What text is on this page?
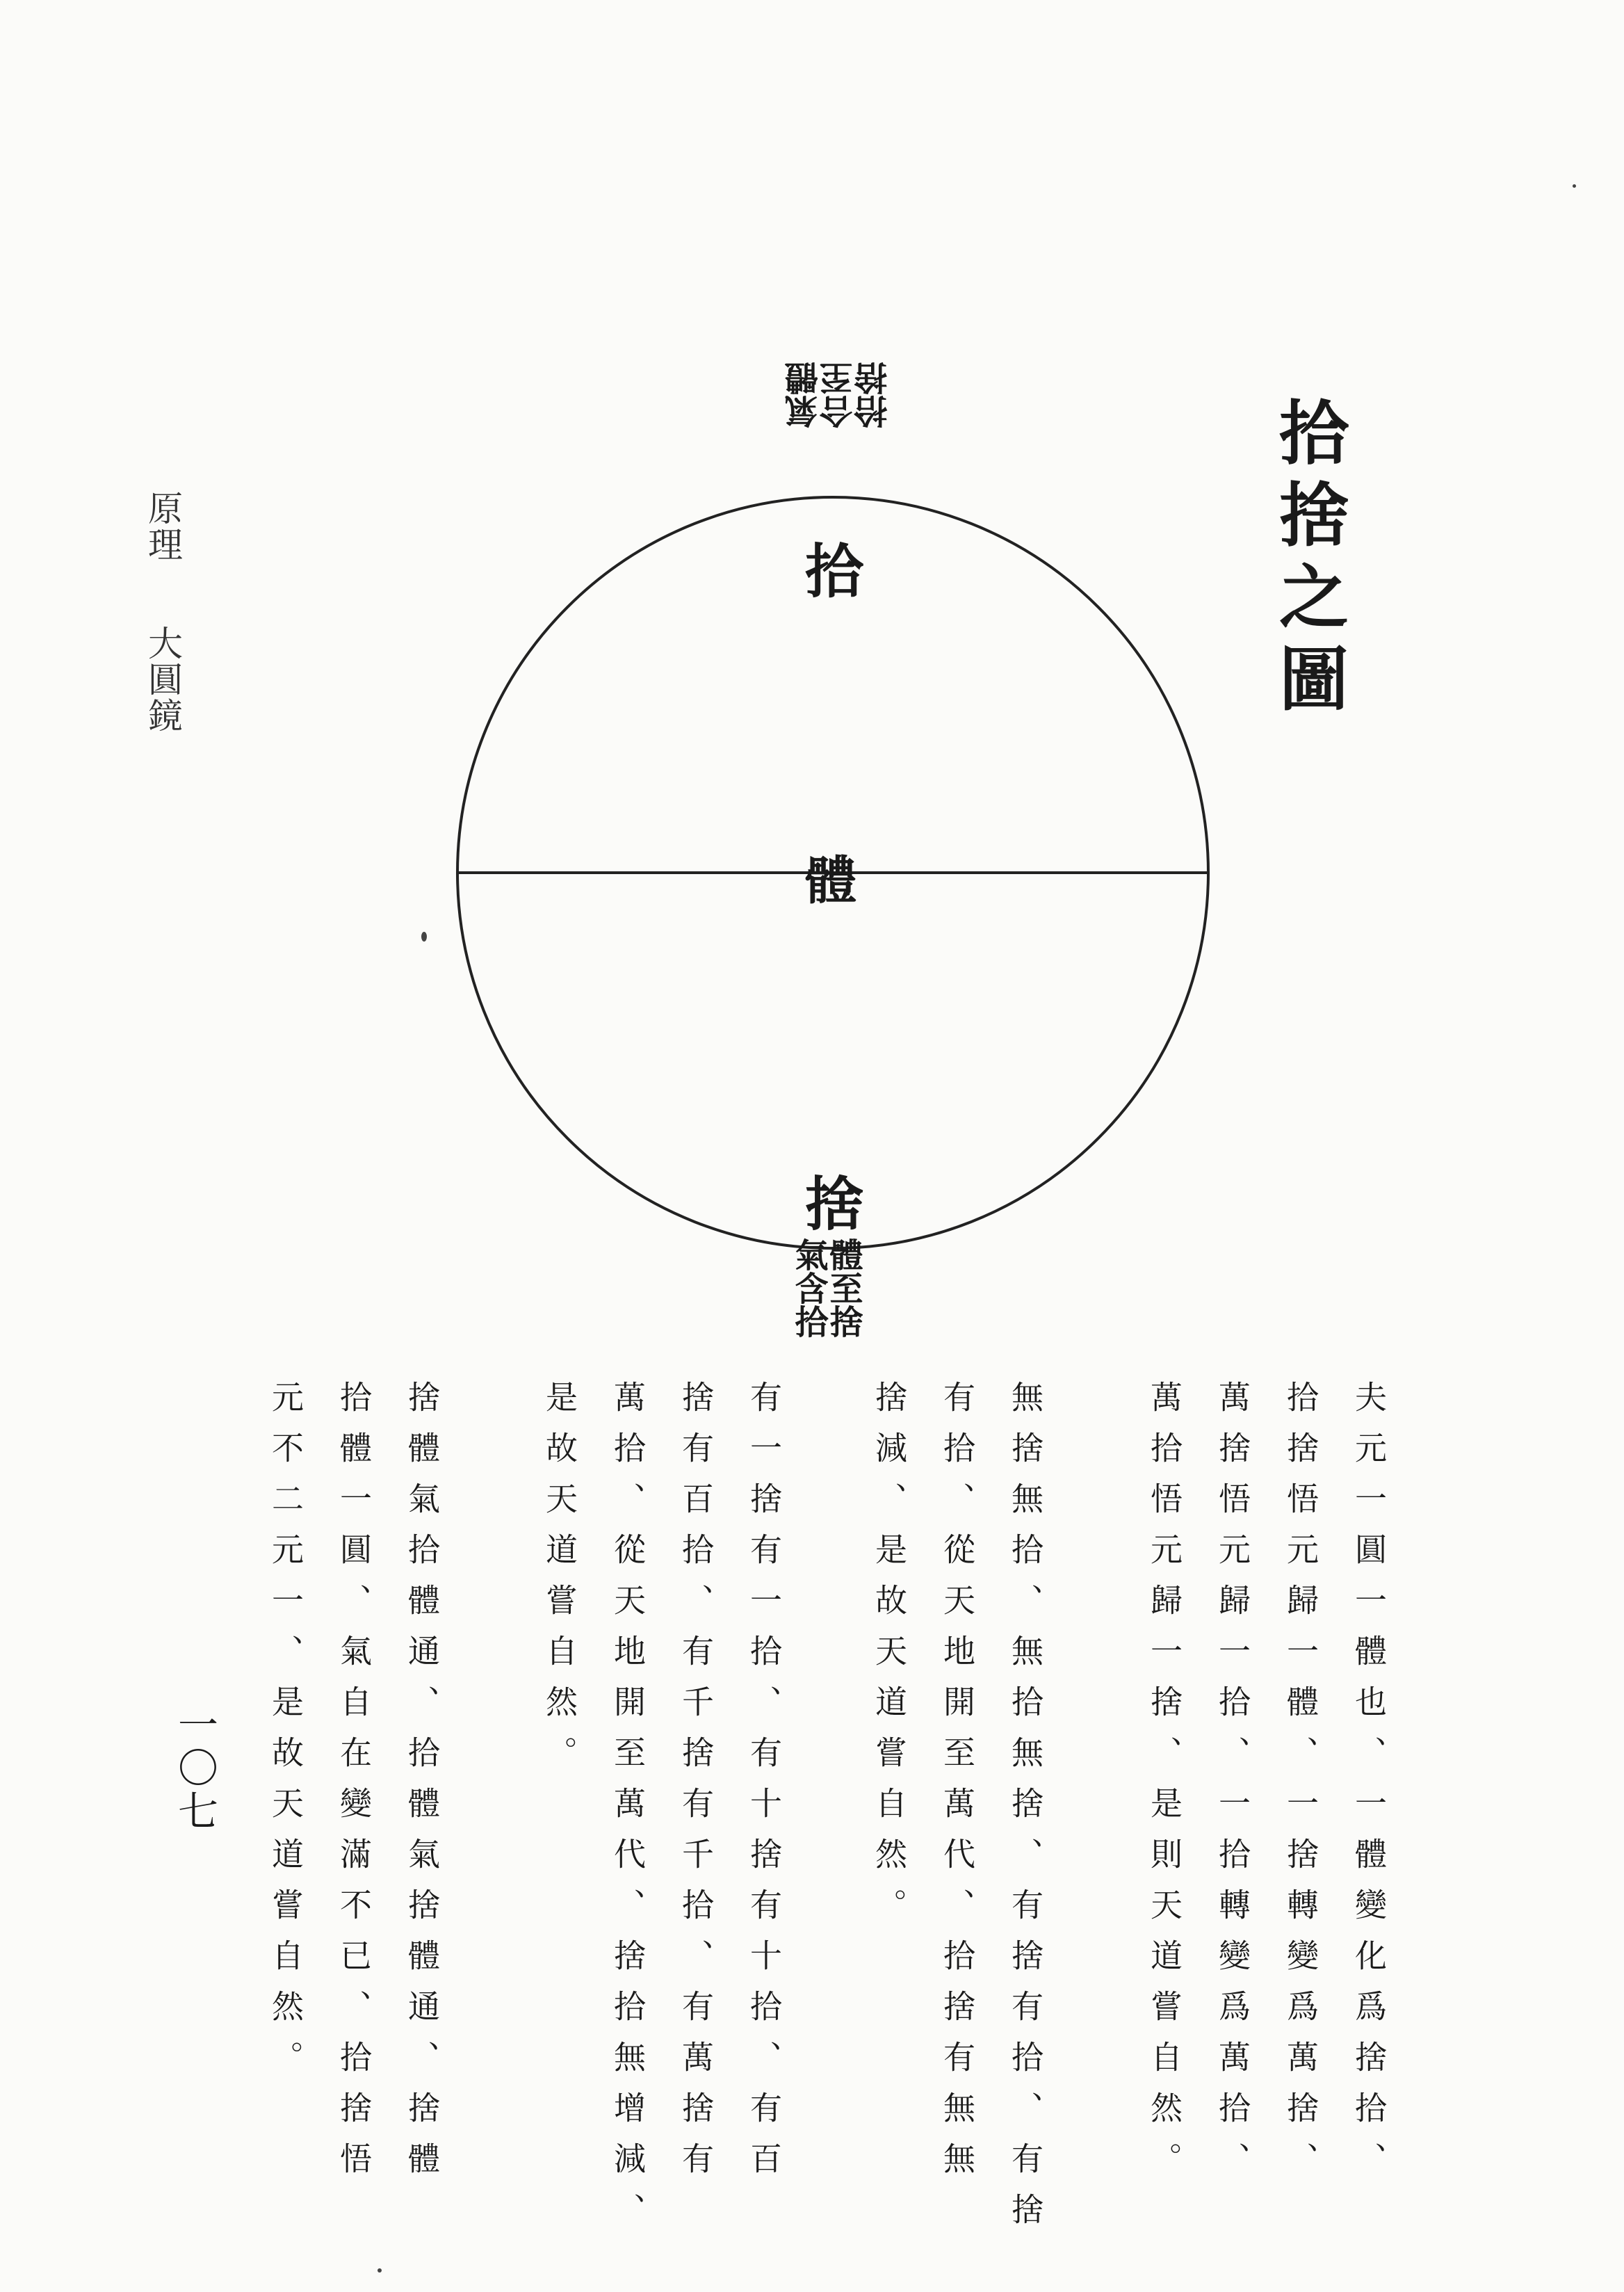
拾捨之圖
原理 大圓鏡
一〇七
拾
體
捨
氣體
合至
拾捨
體至捨
氣含拾
夫元一圓一體也、一體變化爲捨拾、
拾捨悟元歸一體、一捨轉變爲萬捨、
萬捨悟元歸一拾、一拾轉變爲萬拾、
萬拾悟元歸一捨、是則天道嘗自然。
無捨無拾、無拾無捨、有捨有拾、有捨
有拾、從天地開至萬代、拾捨有無無
捨減、是故天道嘗自然。
有一捨有一拾、有十捨有十拾、有百
捨有百拾、有千捨有千拾、有萬捨有
萬拾、從天地開至萬代、捨拾無增減、
是故天道嘗自然。
捨體氣拾體通、拾體氣捨體通、捨體
拾體一圓、氣自在變滿不已、拾捨悟
元不二元一、是故天道嘗自然。
